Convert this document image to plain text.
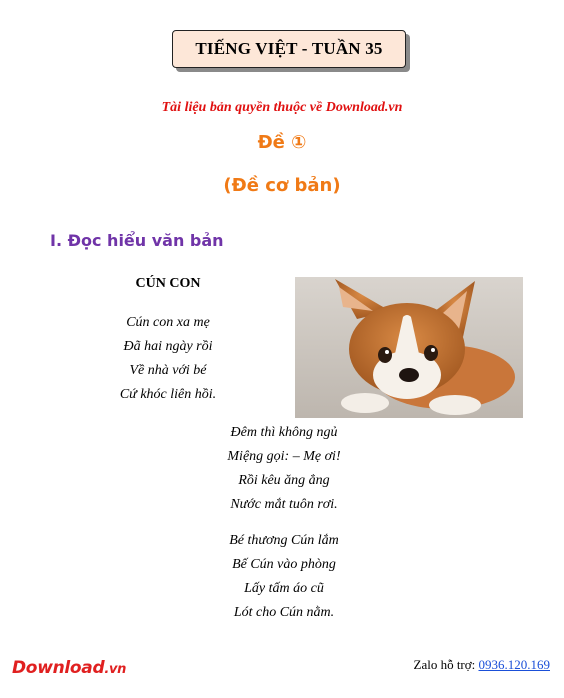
TIẾNG VIỆT - TUẦN 35
Tài liệu bản quyền thuộc về Download.vn
Đề ①
(Đề cơ bản)
I. Đọc hiểu văn bản
CÚN CON
Cún con xa mẹ
Đã hai ngày rồi
Về nhà với bé
Cứ khóc liên hồi.
Đêm thì không ngủ
Miệng gọi: – Mẹ ơi!
Rồi kêu ăng ẳng
Nước mắt tuôn rơi.
Bé thương Cún lắm
Bế Cún vào phòng
Lấy tấm áo cũ
Lót cho Cún nằm.
Download.vn	Zalo hỗ trợ: 0936.120.169
